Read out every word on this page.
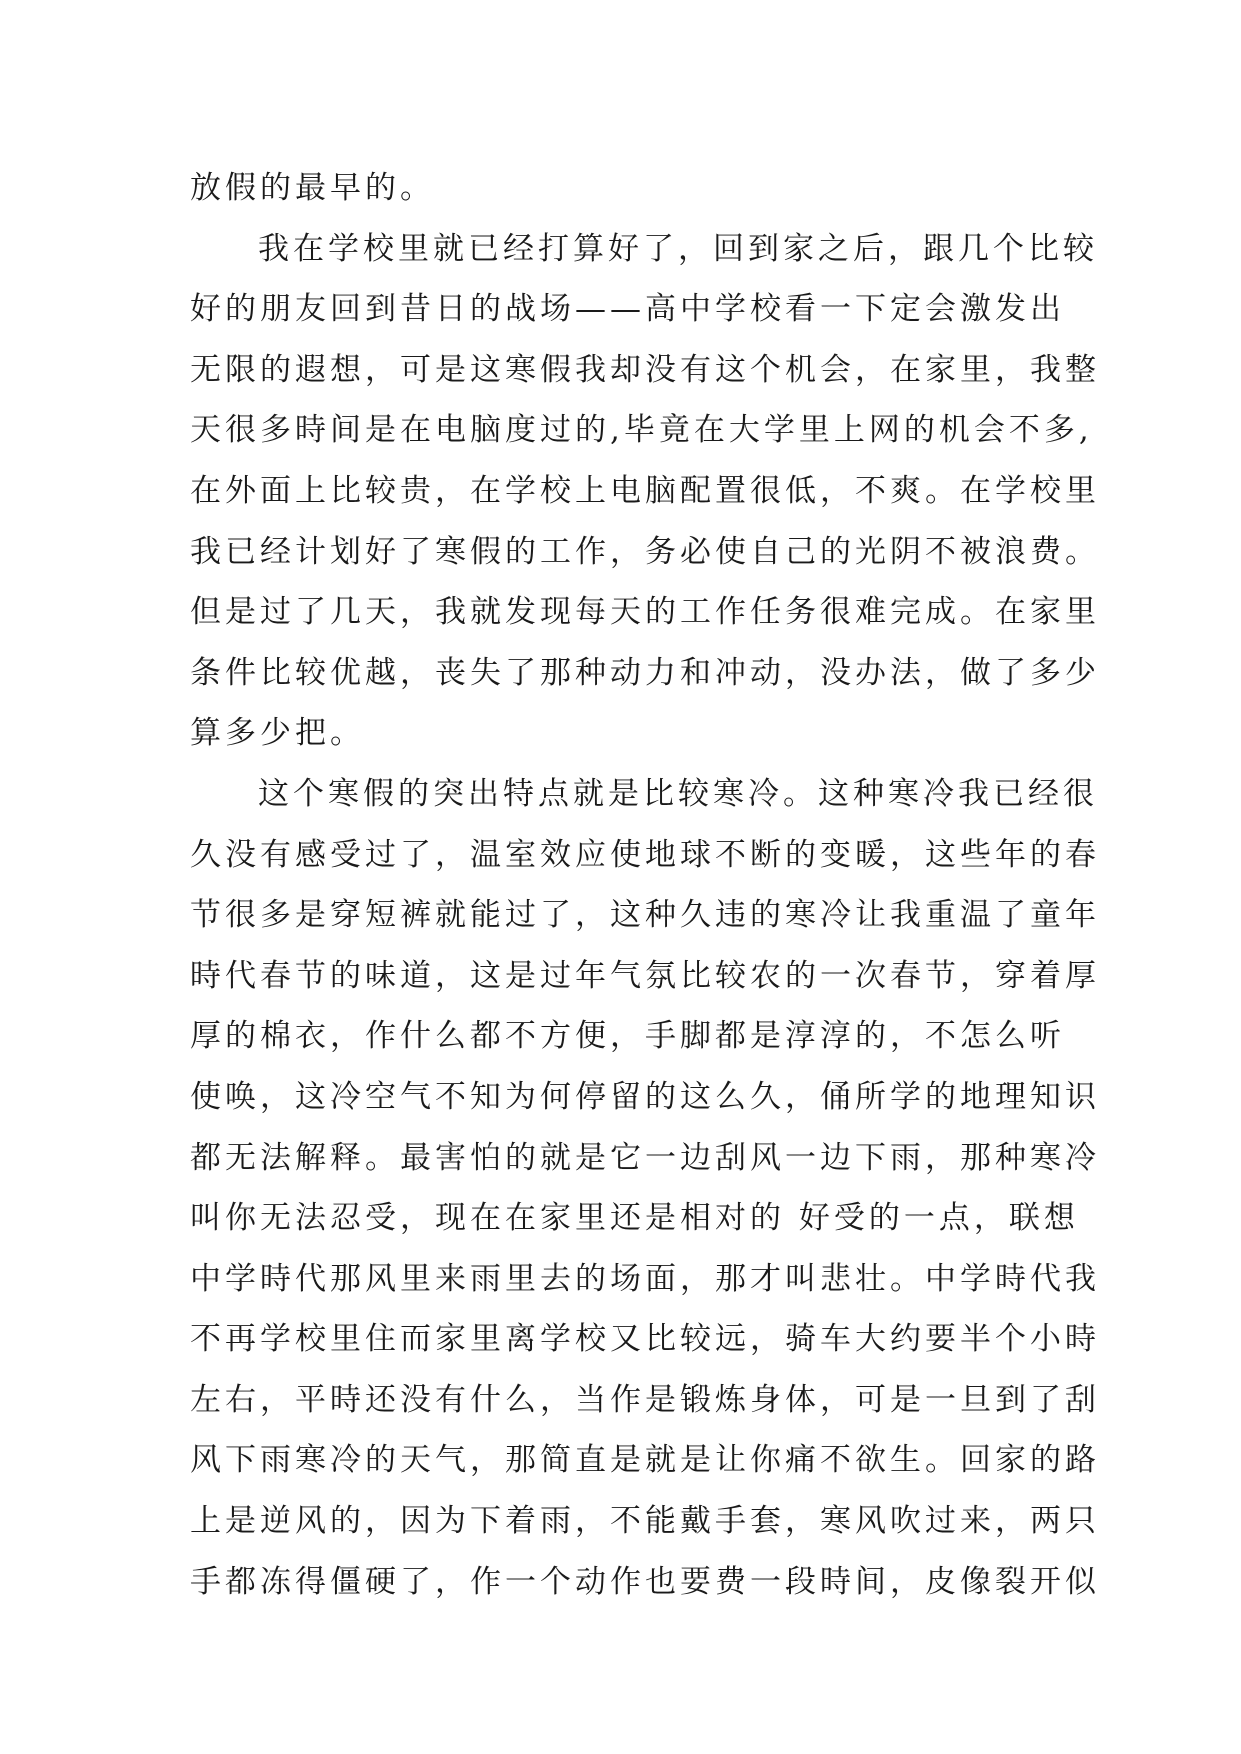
放假的最早的。
我在学校里就已经打算好了，回到家之后，跟几个比较
好的朋友回到昔日的战场——高中学校看一下定会激发出
无限的遐想，可是这寒假我却没有这个机会，在家里，我整
天很多時间是在电脑度过的,毕竟在大学里上网的机会不多,
在外面上比较贵，在学校上电脑配置很低，不爽。在学校里
我已经计划好了寒假的工作，务必使自己的光阴不被浪费。
但是过了几天，我就发现每天的工作任务很难完成。在家里
条件比较优越，丧失了那种动力和冲动，没办法，做了多少
算多少把。
这个寒假的突出特点就是比较寒冷。这种寒冷我已经很
久没有感受过了，温室效应使地球不断的变暖，这些年的春
节很多是穿短裤就能过了，这种久违的寒冷让我重温了童年
時代春节的味道，这是过年气氛比较农的一次春节，穿着厚
厚的棉衣，作什么都不方便，手脚都是淳淳的，不怎么听
使唤，这冷空气不知为何停留的这么久，俑所学的地理知识
都无法解释。最害怕的就是它一边刮风一边下雨，那种寒冷
叫你无法忍受，现在在家里还是相对的 好受的一点，联想
中学時代那风里来雨里去的场面，那才叫悲壮。中学時代我
不再学校里住而家里离学校又比较远，骑车大约要半个小時
左右，平時还没有什么，当作是锻炼身体，可是一旦到了刮
风下雨寒冷的天气，那简直是就是让你痛不欲生。回家的路
上是逆风的，因为下着雨，不能戴手套，寒风吹过来，两只
手都冻得僵硬了，作一个动作也要费一段時间，皮像裂开似
